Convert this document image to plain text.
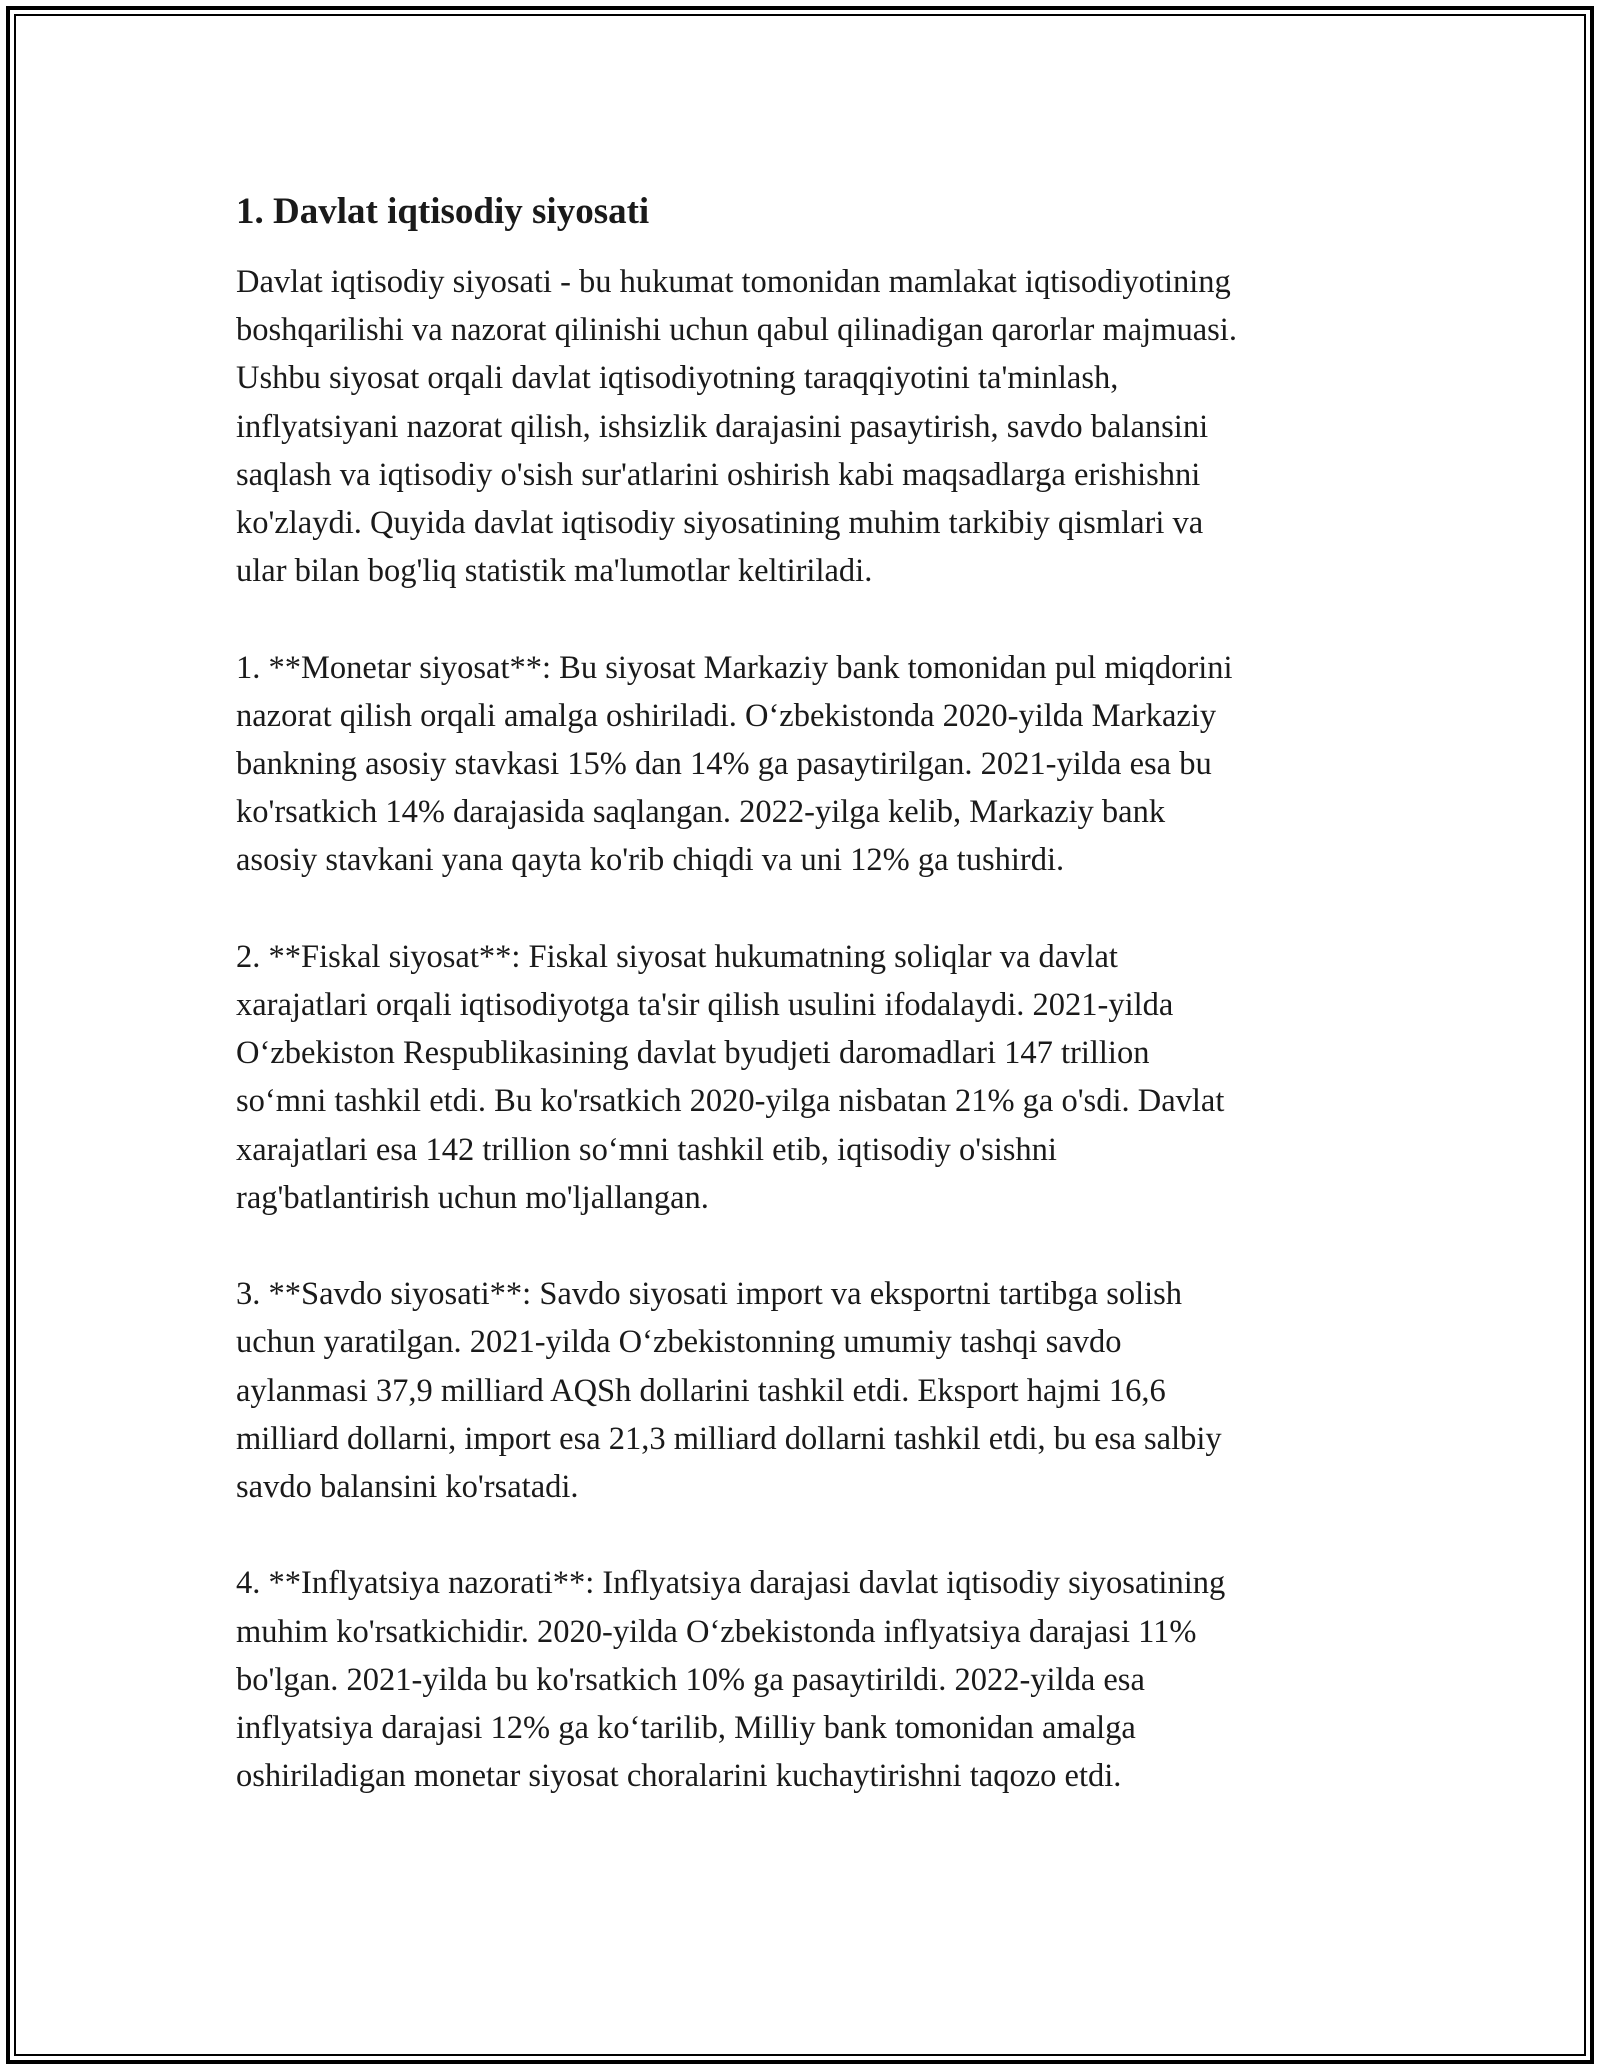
1. Davlat iqtisodiy siyosati

Davlat iqtisodiy siyosati - bu hukumat tomonidan mamlakat iqtisodiyotining
boshqarilishi va nazorat qilinishi uchun qabul qilinadigan qarorlar majmuasi.
Ushbu siyosat orqali davlat iqtisodiyotning taraqqiyotini ta'minlash,
inflyatsiyani nazorat qilish, ishsizlik darajasini pasaytirish, savdo balansini
saqlash va iqtisodiy o'sish sur'atlarini oshirish kabi maqsadlarga erishishni
ko'zlaydi. Quyida davlat iqtisodiy siyosatining muhim tarkibiy qismlari va
ular bilan bog'liq statistik ma'lumotlar keltiriladi.

1. **Monetar siyosat**: Bu siyosat Markaziy bank tomonidan pul miqdorini
nazorat qilish orqali amalga oshiriladi. O‘zbekistonda 2020-yilda Markaziy
bankning asosiy stavkasi 15% dan 14% ga pasaytirilgan. 2021-yilda esa bu
ko'rsatkich 14% darajasida saqlangan. 2022-yilga kelib, Markaziy bank
asosiy stavkani yana qayta ko'rib chiqdi va uni 12% ga tushirdi.

2. **Fiskal siyosat**: Fiskal siyosat hukumatning soliqlar va davlat
xarajatlari orqali iqtisodiyotga ta'sir qilish usulini ifodalaydi. 2021-yilda
O‘zbekiston Respublikasining davlat byudjeti daromadlari 147 trillion
so‘mni tashkil etdi. Bu ko'rsatkich 2020-yilga nisbatan 21% ga o'sdi. Davlat
xarajatlari esa 142 trillion so‘mni tashkil etib, iqtisodiy o'sishni
rag'batlantirish uchun mo'ljallangan.

3. **Savdo siyosati**: Savdo siyosati import va eksportni tartibga solish
uchun yaratilgan. 2021-yilda O‘zbekistonning umumiy tashqi savdo
aylanmasi 37,9 milliard AQSh dollarini tashkil etdi. Eksport hajmi 16,6
milliard dollarni, import esa 21,3 milliard dollarni tashkil etdi, bu esa salbiy
savdo balansini ko'rsatadi.

4. **Inflyatsiya nazorati**: Inflyatsiya darajasi davlat iqtisodiy siyosatining
muhim ko'rsatkichidir. 2020-yilda O‘zbekistonda inflyatsiya darajasi 11%
bo'lgan. 2021-yilda bu ko'rsatkich 10% ga pasaytirildi. 2022-yilda esa
inflyatsiya darajasi 12% ga ko‘tarilib, Milliy bank tomonidan amalga
oshiriladigan monetar siyosat choralarini kuchaytirishni taqozo etdi.
